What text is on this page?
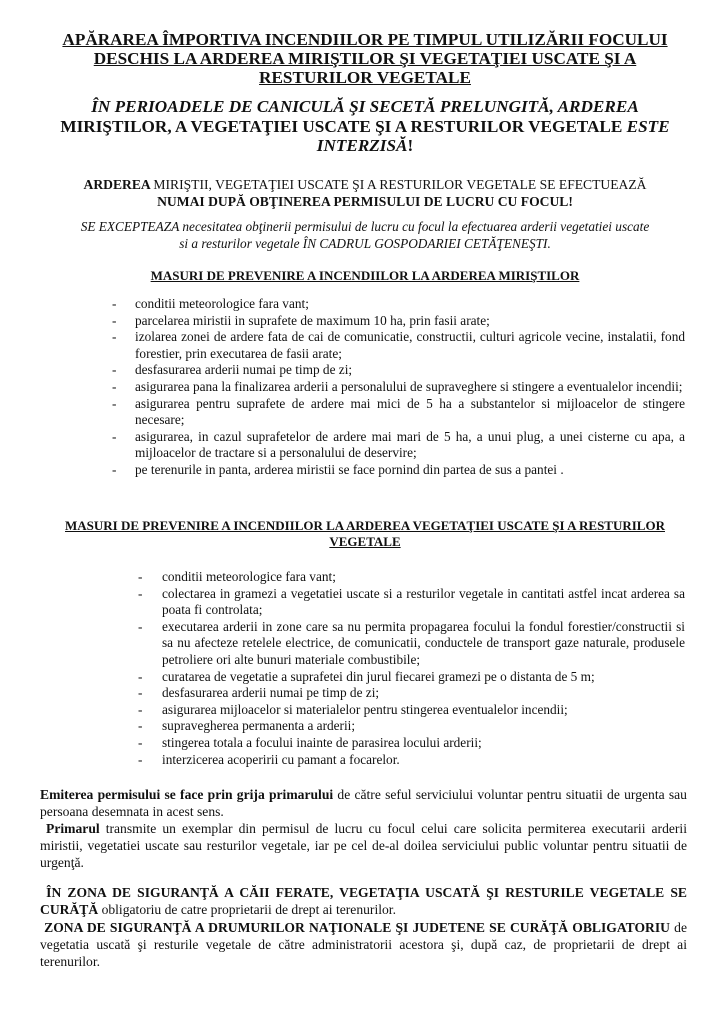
APĂRAREA ÎMPORTIVA INCENDIILOR PE TIMPUL UTILIZĂRII FOCULUI
DESCHIS LA ARDEREA MIRIŞTILOR ŞI VEGETAŢIEI USCATE ŞI A
RESTURILOR VEGETALE
ÎN PERIOADELE DE CANICULĂ ŞI SECETĂ PRELUNGITĂ, ARDEREA
MIRIŞTILOR, A VEGETAŢIEI USCATE ŞI A RESTURILOR VEGETALE ESTE
INTERZISĂ!
ARDEREA MIRIŞTII, VEGETAŢIEI USCATE ŞI A RESTURILOR VEGETALE SE EFECTUEAZĂ
NUMAI DUPĂ OBŢINEREA PERMISULUI DE LUCRU CU FOCUL!
SE EXCEPTEAZA necesitatea obţinerii permisului de lucru cu focul la efectuarea arderii vegetatiei uscate
si a resturilor vegetale ÎN CADRUL GOSPODARIEI CETĂŢENEŞTI.
MASURI DE PREVENIRE A INCENDIILOR LA ARDEREA MIRIŞTILOR
- conditii meteorologice fara vant;
- parcelarea miristii in suprafete de maximum 10 ha, prin fasii arate;
- izolarea zonei de ardere fata de cai de comunicatie, constructii, culturi agricole vecine, instalatii, fond forestier, prin executarea de fasii arate;
- desfasurarea arderii numai pe timp de zi;
- asigurarea pana la finalizarea arderii a personalului de supraveghere si stingere a eventualelor incendii;
- asigurarea pentru suprafete de ardere mai mici de 5 ha a substantelor si mijloacelor de stingere necesare;
- asigurarea, in cazul suprafetelor de ardere mai mari de 5 ha, a unui plug, a unei cisterne cu apa, a mijloacelor de tractare si a personalului de deservire;
- pe terenurile in panta, arderea miristii se face pornind din partea de sus a pantei .
MASURI DE PREVENIRE A INCENDIILOR LA ARDEREA VEGETAŢIEI USCATE ŞI A RESTURILOR
VEGETALE
- conditii meteorologice fara vant;
- colectarea in gramezi a vegetatiei uscate si a resturilor vegetale in cantitati astfel incat arderea sa poata fi controlata;
- executarea arderii in zone care sa nu permita propagarea focului la fondul forestier/constructii si sa nu afecteze retelele electrice, de comunicatii, conductele de transport gaze naturale, produsele petroliere ori alte bunuri materiale combustibile;
- curatarea de vegetatie a suprafetei din jurul fiecarei gramezi pe o distanta de 5 m;
- desfasurarea arderii numai pe timp de zi;
- asigurarea mijloacelor si materialelor pentru stingerea eventualelor incendii;
- supravegherea permanenta a arderii;
- stingerea totala a focului inainte de parasirea locului arderii;
- interzicerea acoperirii cu pamant a focarelor.
Emiterea permisului se face prin grija primarului de către seful serviciului voluntar pentru situatii de urgenta sau persoana desemnata in acest sens.
Primarul transmite un exemplar din permisul de lucru cu focul celui care solicita permiterea executarii arderii miristii, vegetatiei uscate sau resturilor vegetale, iar pe cel de-al doilea serviciului public voluntar pentru situatii de urgenţă.
ÎN ZONA DE SIGURANŢĂ A CĂII FERATE, VEGETAŢIA USCATĂ ŞI RESTURILE VEGETALE SE CURĂŢĂ obligatoriu de catre proprietarii de drept ai terenurilor.
ZONA DE SIGURANŢĂ A DRUMURILOR NAŢIONALE ŞI JUDETENE SE CURĂŢĂ OBLIGATORIU de vegetatia uscată şi resturile vegetale de către administratorii acestora şi, după caz, de proprietarii de drept ai terenurilor.
